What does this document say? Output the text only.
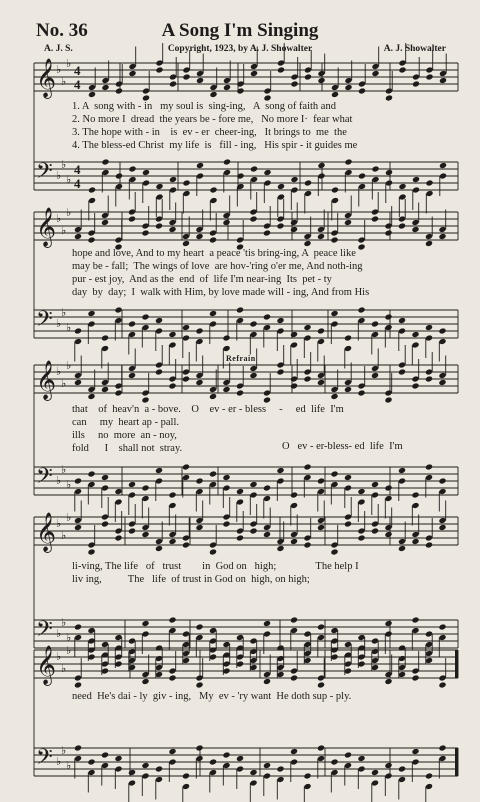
No. 36	A Song I'm Singing
A. J. S.	Copyright, 1923, by A. J. Showalter	A. J. Showalter
𝄞 ♭
♭
♭ 4
4
𝄢 ♭
♭
♭
4
4
𝄞 ♭
♭
♭
𝄢 ♭
♭
♭
𝄞 ♭
♭
♭
𝄢 ♭
♭
♭
𝄞 ♭
♭
♭
𝄢 ♭
♭
♭
𝄞 ♭
♭
♭
𝄢 ♭
♭
♭
Refrain
1. A  song with - in   my soul is  sing-ing,   A  song of faith and
2. No more I  dread  the years be - fore me,   No more I·  fear what
3. The hope with - in    is  ev - er  cheer-ing,   It brings to  me  the
4. The bless-ed Christ  my life  is   fill - ing,   His spir - it guides me
hope and love, And to my heart  a peace 'tis bring-ing, A  peace like
may be - fall;  The wings of love  are hov-'ring o'er me, And noth-ing
pur - est joy,  And as the  end  of  life I'm near-ing  Its  pet - ty
day  by  day;  I  walk with Him, by love made will - ing, And from His
that    of  heav'n  a - bove.    O    ev - er - bless     -     ed  life  I'm
can     my  heart ap - pall.
ills     no  more  an - noy,
fold      I    shall not  stray.	O   ev - er-bless- ed  life  I'm
li-ving, The life   of   trust        in  God on   high;               The help I
liv ing,          The   life  of trust in God on  high, on high;
need  He's dai - ly  giv - ing,   My  ev - 'ry want  He doth sup - ply.
